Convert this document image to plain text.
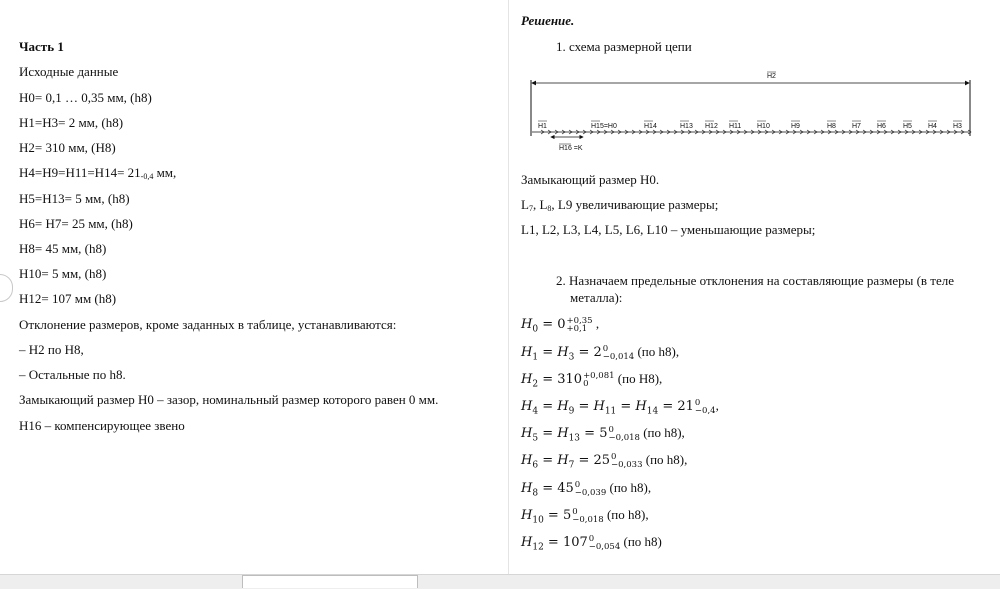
Часть 1
Исходные данные
H0= 0,1 … 0,35 мм, (h8)
H1=H3= 2 мм, (h8)
H2= 310 мм, (H8)
H4=H9=H11=H14= 21-0,4 мм,
H5=H13= 5 мм, (h8)
H6= H7= 25 мм, (h8)
H8= 45 мм, (h8)
H10= 5 мм, (h8)
H12= 107 мм (h8)
Отклонение размеров, кроме заданных в таблице, устанавливаются:
– H2 по H8,
– Остальные по h8.
Замыкающий размер H0 – зазор, номинальный размер которого равен 0 мм.
H16 – компенсирующее звено
Решение.
1. схема размерной цепи
H2
H16 =K
H1	H15=H0	H14	H13 H12 H11 H10	H9	H8 H7 H6 H5 H4 H3
Замыкающий размер H0.
L7, L8, L9 увеличивающие размеры;
L1, L2, L3, L4, L5, L6, L10 – уменьшающие размеры;
2. Назначаем предельные отклонения на составляющие размеры (в теле
металла):
$H_0 = 0 +0,35$
+0,1 ,
$H_1 = H_3 = 2$ 0
−0,014 (по h8),
$H_2 = 310 +0,081$
0	(по H8),
$H_4 = H_9 = H_{11} = H_{14} = 21$ 0
−0,4 ,
$H_5 = H_{13} = 5$ 0
−0,018 (по h8),
$H_6 = H_7 = 25$ 0
−0,033 (по h8),
$H_8 = 45$ 0
−0,039 (по h8),
$H_{10} = 5$ 0
−0,018 (по h8),
$H_{12} = 107$ 0
−0,054 (по h8)
